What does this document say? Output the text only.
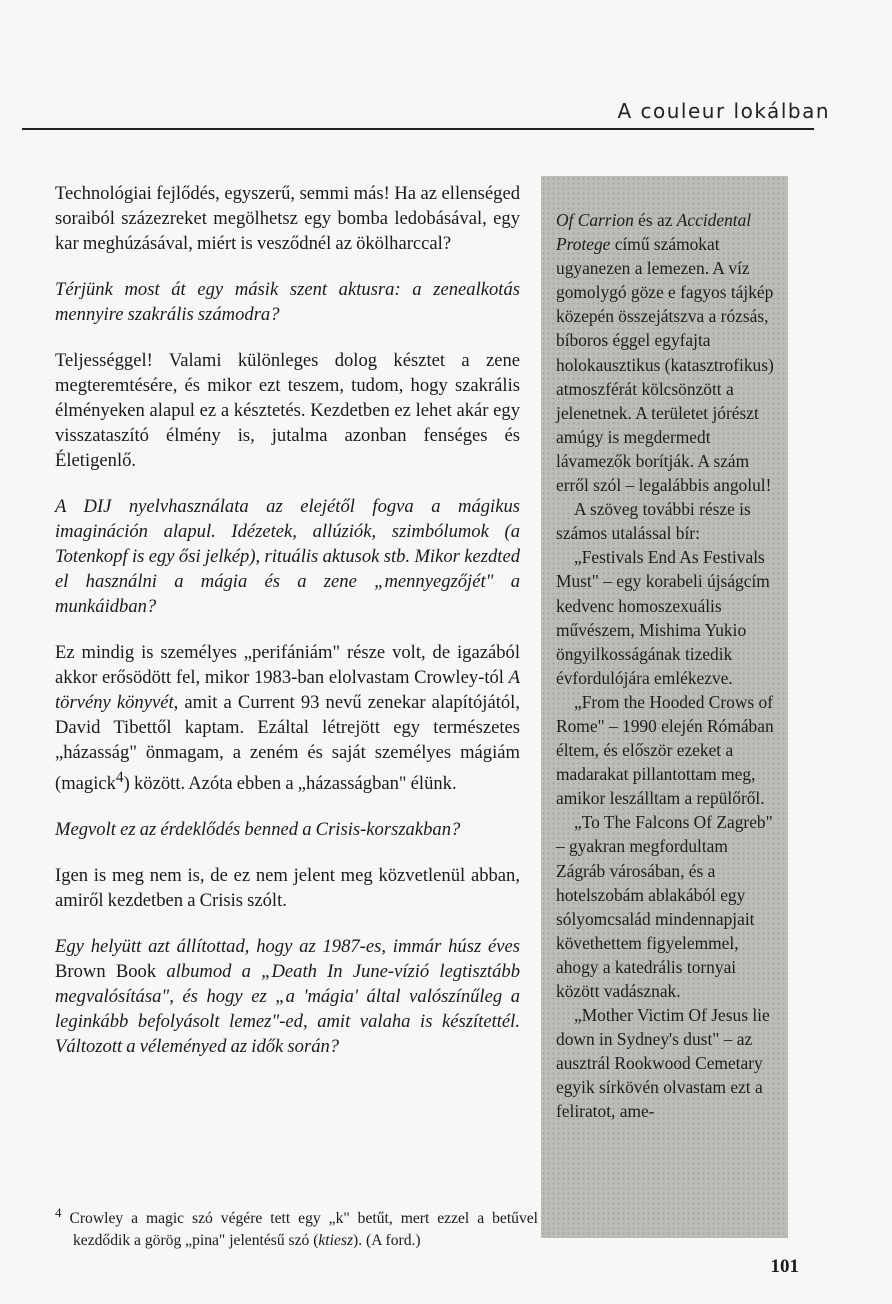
A couleur lokálban

Technológiai fejlődés, egyszerű, semmi más! Ha az ellenséged soraiból százezreket megölhetsz egy bomba ledobásával, egy kar meghúzásával, miért is vesződnél az ökölharccal?

Térjünk most át egy másik szent aktusra: a zenealkotás mennyire szakrális számodra?

Teljességgel! Valami különleges dolog késztet a zene megteremtésére, és mikor ezt teszem, tudom, hogy szakrális élményeken alapul ez a késztetés. Kezdetben ez lehet akár egy visszataszító élmény is, jutalma azonban fenséges és Életigenlő.

A DIJ nyelvhasználata az elejétől fogva a mágikus imagináción alapul. Idézetek, allúziók, szimbólumok (a Totenkopf is egy ősi jelkép), rituális aktusok stb. Mikor kezdted el használni a mágia és a zene „mennyegzőjét" a munkáidban?

Ez mindig is személyes „perifániám" része volt, de igazából akkor erősödött fel, mikor 1983-ban elolvastam Crowley-tól A törvény könyvét, amit a Current 93 nevű zenekar alapítójától, David Tibettől kaptam. Ezáltal létrejött egy természetes „házasság" önmagam, a zeném és saját személyes mágiám (magick$^4$) között. Azóta ebben a „házasságban" élünk.

Megvolt ez az érdeklődés benned a Crisis-korszakban?

Igen is meg nem is, de ez nem jelent meg közvetlenül abban, amiről kezdetben a Crisis szólt.

Egy helyütt azt állítottad, hogy az 1987-es, immár húsz éves Brown Book albumod a „Death In June-vízió legtisztább megvalósítása", és hogy ez „a 'mágia' által valószínűleg a leginkább befolyásolt lemez"-ed, amit valaha is készítettél. Változott a véleményed az idők során?

$^4$ Crowley a magic szó végére tett egy „k" betűt, mert ezzel a betűvel kezdődik a görög „pina" jelentésű szó (ktiesz). (A ford.)

Of Carrion és az Accidental Protege című számokat ugyanezen a lemezen. A víz gomolygó göze e fagyos tájkép közepén összejátszva a rózsás, bíboros éggel egyfajta holokausztikus (katasztrofikus) atmoszférát kölcsönzött a jelenetnek. A területet jórészt amúgy is megdermedt lávamezők borítják. A szám erről szól – legalábbis angolul!

A szöveg további része is számos utalással bír:

„Festivals End As Festivals Must" – egy korabeli újságcím kedvenc homoszexuális művészem, Mishima Yukio öngyilkosságának tizedik évfordulójára emlékezve.

„From the Hooded Crows of Rome" – 1990 elején Rómában éltem, és először ezeket a madarakat pillantottam meg, amikor leszálltam a repülőről.

„To The Falcons Of Zagreb" – gyakran megfordultam Zágráb városában, és a hotelszobám ablakából egy sólyomcsalád mindennapjait követhettem figyelemmel, ahogy a katedrális tornyai között vadásznak.

„Mother Victim Of Jesus lie down in Sydney's dust" – az ausztrál Rookwood Cemetary egyik sírkövén olvastam ezt a feliratot, ame-

101
